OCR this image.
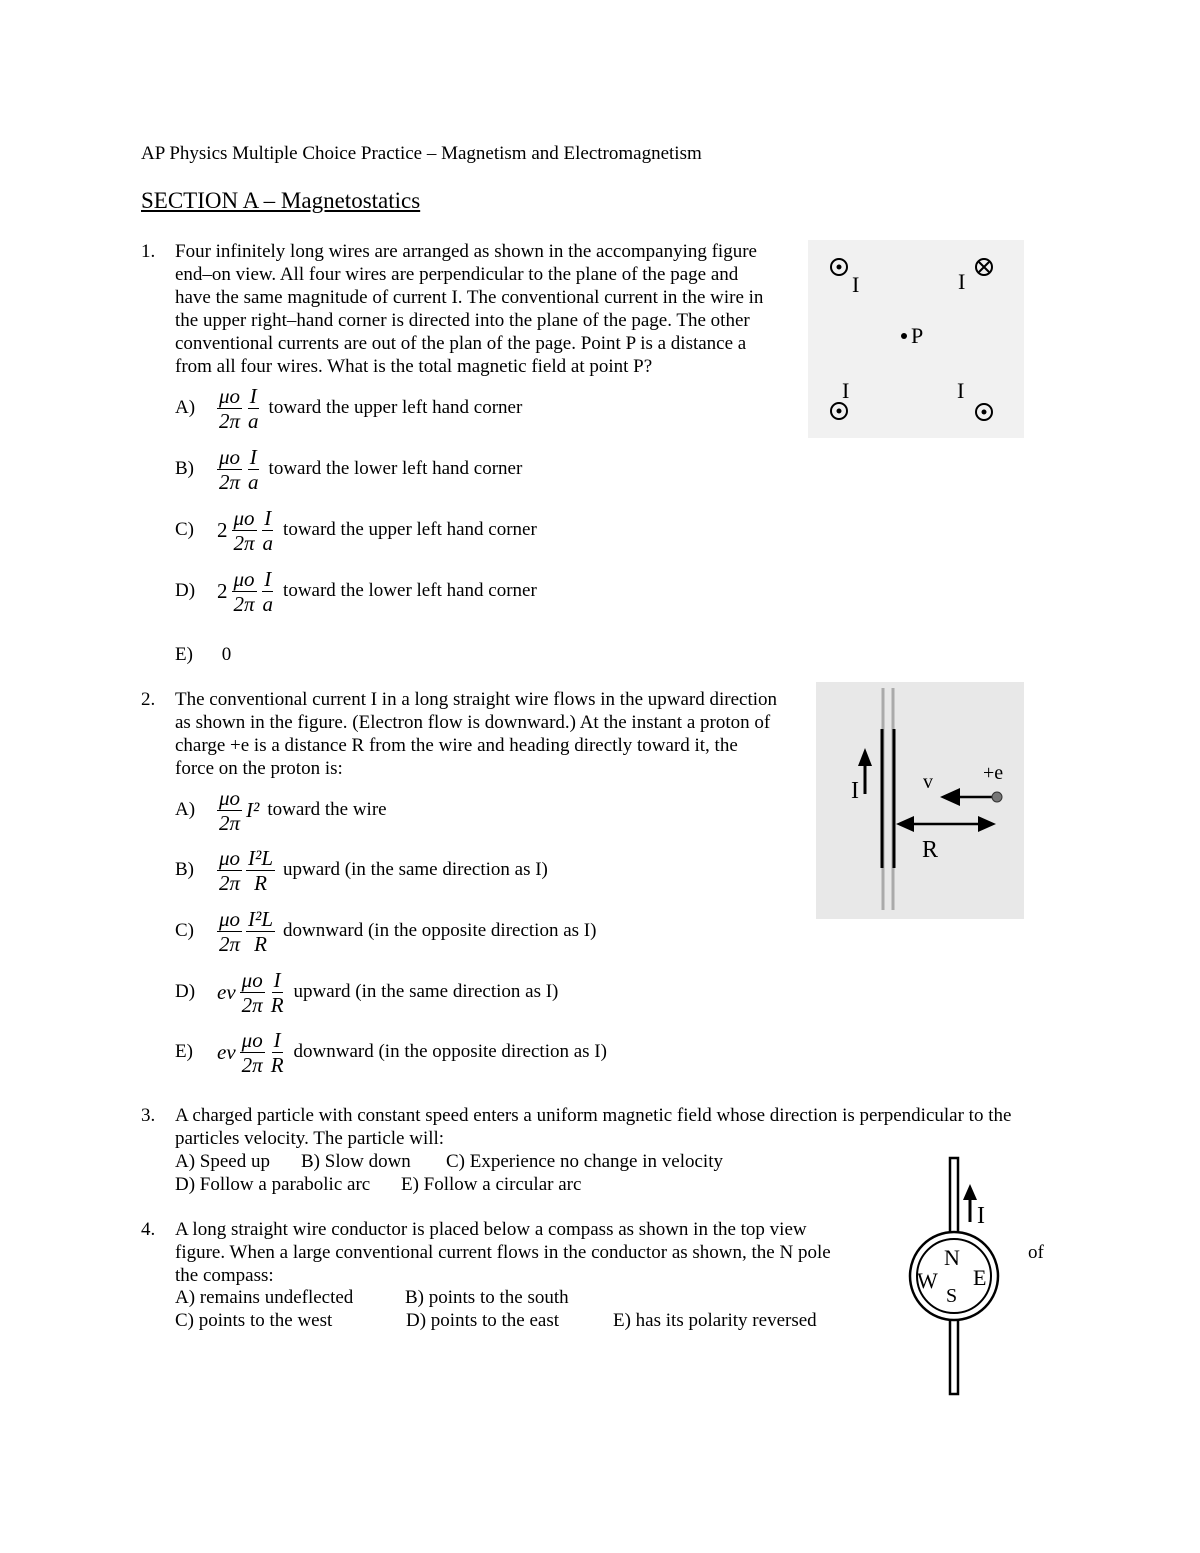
AP Physics Multiple Choice Practice – Magnetism and Electromagnetism
SECTION A – Magnetostatics
1. Four infinitely long wires are arranged as shown in the accompanying figure
end–on view. All four wires are perpendicular to the plane of the page and
have the same magnitude of current I. The conventional current in the wire in
the upper right–hand corner is directed into the plane of the page. The other
conventional currents are out of the plan of the page. Point P is a distance a
from all four wires. What is the total magnetic field at point P?
$A) \frac{\mu o}{2\pi} \frac{I}{a}$ toward the upper left hand corner
$B) \frac{\mu o}{2\pi} \frac{I}{a}$ toward the lower left hand corner
C) $2 \frac{\mu o}{2\pi} \frac{I}{a}$ toward the upper left hand corner
D) $2 \frac{\mu o}{2\pi} \frac{I}{a}$ toward the lower left hand corner
E) 0
I	I
P
I	I
2. The conventional current I in a long straight wire flows in the upward direction
as shown in the figure. (Electron flow is downward.) At the instant a proton of
charge +e is a distance R from the wire and heading directly toward it, the
force on the proton is:
$A) \frac{\mu o}{2\pi} I^2$ toward the wire
$B) \frac{\mu o}{2\pi} \frac{\text{I²L}}{R}$ upward (in the same direction as I)
$C) \frac{\mu o}{2\pi} \frac{\text{I²L}}{R}$ downward (in the opposite direction as I)
D) ev $\frac{\mu o}{2\pi} \frac{I}{R}$ upward (in the same direction as I)
E) ev $\frac{\mu o}{2\pi} \frac{I}{R}$ downward (in the opposite direction as I)
I	v	+e
R
3. A charged particle with constant speed enters a uniform magnetic field whose direction is perpendicular to the
particles velocity. The particle will:
A) Speed up B) Slow down C) Experience no change in velocity
D) Follow a parabolic arc E) Follow a circular arc
4. A long straight wire conductor is placed below a compass as shown in the top view
figure. When a large conventional current flows in the conductor as shown, the N pole	of
the compass:
A) remains undeflected	B) points to the south
C) points to the west	D) points to the east	E) has its polarity reversed
I
N
S
W E
